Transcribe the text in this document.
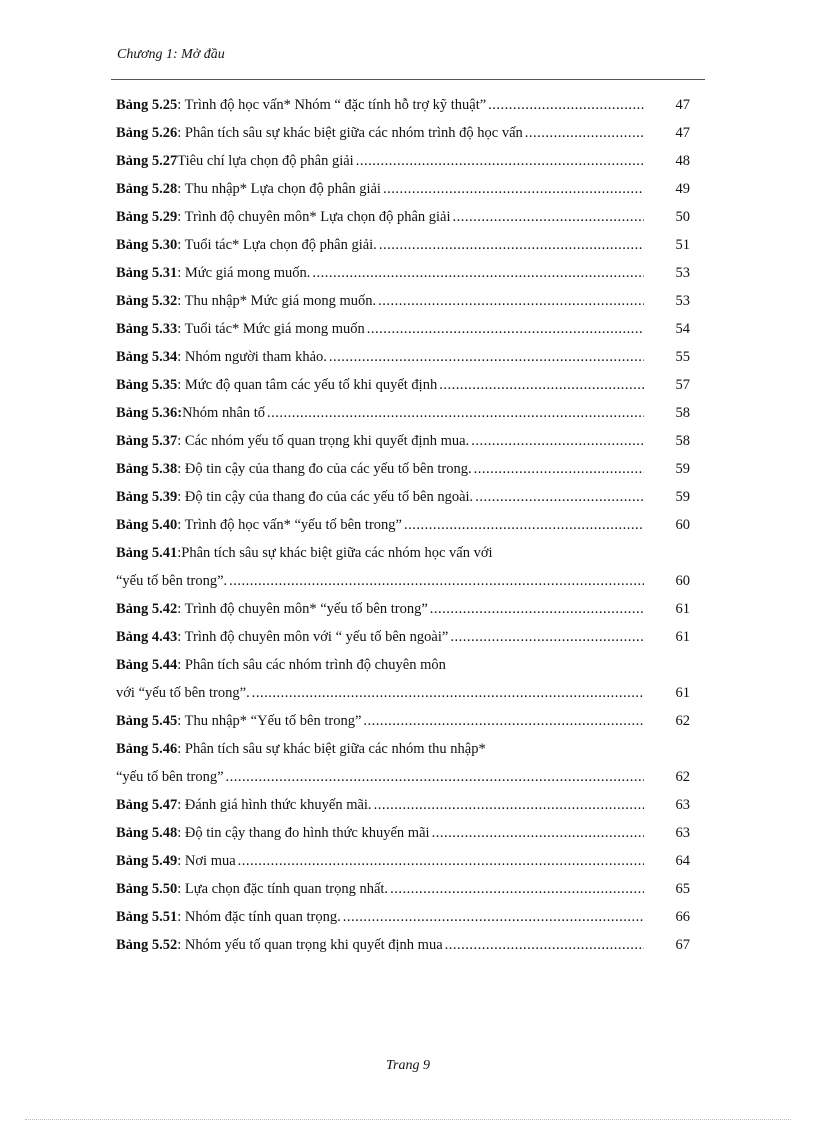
Chương 1: Mở đầu
Bảng 5.25 : Trình độ học vấn* Nhóm “ đặc tính hỗ trợ kỹ thuật” .....	47
Bảng 5.26 : Phân tích sâu sự khác biệt giữa các nhóm trình độ học vấn .....	47
Bảng 5.27 Tiêu chí lựa chọn độ phân giải .....	48
Bảng 5.28 : Thu nhập* Lựa chọn độ phân giải .....	49
Bảng 5.29 : Trình độ chuyên môn* Lựa chọn độ phân giải .....	50
Bảng 5.30 : Tuổi tác* Lựa chọn độ phân giải. .....	51
Bảng 5.31 : Mức giá mong muốn. .....	53
Bảng 5.32 : Thu nhập* Mức giá mong muốn. .....	53
Bảng 5.33 : Tuổi tác* Mức giá mong muốn .....	54
Bảng 5.34 : Nhóm người tham khảo. .....	55
Bảng 5.35 : Mức độ quan tâm các yếu tố khi quyết định .....	57
Bảng 5.36: Nhóm nhân tố .....	58
Bảng 5.37 : Các nhóm yếu tố quan trọng khi quyết định mua. .....	58
Bảng 5.38 : Độ tin cậy của thang đo của các yếu tố bên trong. .....	59
Bảng 5.39 : Độ tin cậy của thang đo của các yếu tố bên ngoài. .....	59
Bảng 5.40 : Trình độ học vấn* “yếu tố bên trong” .....	60
Bảng 5.41 :Phân tích sâu sự khác biệt giữa các nhóm học vấn với
“yếu tố bên trong”. .....	60
Bảng 5.42 : Trình độ chuyên môn* “yếu tố bên trong” .....	61
Bảng 4.43 : Trình độ chuyên môn với “ yếu tố bên ngoài” .....	61
Bảng 5.44 : Phân tích sâu các nhóm trình độ chuyên môn
với “yếu tố bên trong”. .....	61
Bảng 5.45 : Thu nhập* “Yếu tố bên trong” .....	62
Bảng 5.46 : Phân tích sâu sự khác biệt giữa các nhóm thu nhập*
“yếu tố bên trong” .....	62
Bảng 5.47 : Đánh giá hình thức khuyến mãi. .....	63
Bảng 5.48 : Độ tin cậy thang đo hình thức khuyến mãi .....	63
Bảng 5.49 : Nơi mua .....	64
Bảng 5.50 : Lựa chọn đặc tính quan trọng nhất. .....	65
Bảng 5.51 : Nhóm đặc tính quan trọng. .....	66
Bảng 5.52 : Nhóm yếu tố quan trọng khi quyết định mua .....	67
Trang 9
